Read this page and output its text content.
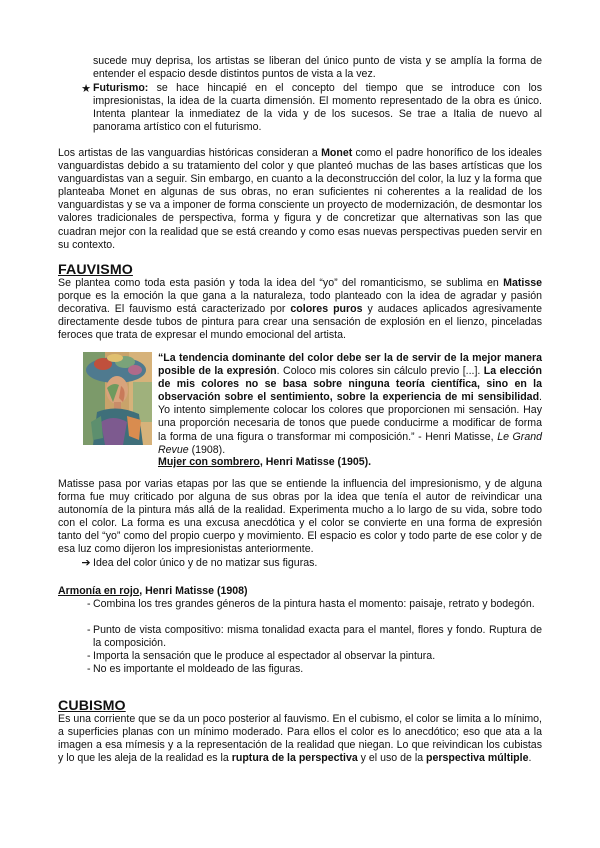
sucede muy deprisa, los artistas se liberan del único punto de vista y se amplía la forma de entender el espacio desde distintos puntos de vista a la vez.

★ Futurismo: se hace hincapié en el concepto del tiempo que se introduce con los impresionistas, la idea de la cuarta dimensión. El momento representado de la obra es único. Intenta plantear la inmediatez de la vida y de los sucesos. Se trae a Italia de nuevo al panorama artístico con el futurismo.

Los artistas de las vanguardias históricas consideran a Monet como el padre honorífico de los ideales vanguardistas debido a su tratamiento del color y que planteó muchas de las bases artísticas que los vanguardistas van a seguir. Sin embargo, en cuanto a la deconstrucción del color, la luz y la forma que planteaba Monet en algunas de sus obras, no eran suficientes ni coherentes a la realidad de los vanguardistas y se va a imponer de forma consciente un proyecto de modernización, de desmontar los valores tradicionales de perspectiva, forma y figura y de concretizar que alternativas son las que cuadran mejor con la realidad que se está creando y como esas nuevas perspectivas pueden servir en su contexto.

FAUVISMO

Se plantea como toda esta pasión y toda la idea del “yo” del romanticismo, se sublima en Matisse porque es la emoción la que gana a la naturaleza, todo planteado con la idea de agradar y pasión decorativa. El fauvismo está caracterizado por colores puros y audaces aplicados agresivamente directamente desde tubos de pintura para crear una sensación de explosión en el lienzo, pinceladas feroces que trata de expresar el mundo emocional del artista.

“La tendencia dominante del color debe ser la de servir de la mejor manera posible de la expresión. Coloco mis colores sin cálculo previo [...]. La elección de mis colores no se basa sobre ninguna teoría científica, sino en la observación sobre el sentimiento, sobre la experiencia de mi sensibilidad. Yo intento simplemente colocar los colores que proporcionen mi sensación. Hay una proporción necesaria de tonos que puede conducirme a modificar de forma la forma de una figura o transformar mi composición.” - Henri Matisse, Le Grand Revue (1908).

Mujer con sombrero, Henri Matisse (1905).

Matisse pasa por varias etapas por las que se entiende la influencia del impresionismo, y de alguna forma fue muy criticado por alguna de sus obras por la idea que tenía el autor de reivindicar una autonomía de la pintura más allá de la realidad. Experimenta mucho a lo largo de su vida, sobre todo con el color. La forma es una excusa anecdótica y el color se convierte en una forma de expresión tanto del “yo” como del propio cuerpo y movimiento. El espacio es color y todo parte de ese color y de esa luz como dijeron los impresionistas anteriormente.

➔ Idea del color único y de no matizar sus figuras.

Armonía en rojo, Henri Matisse (1908)

- Combina los tres grandes géneros de la pintura hasta el momento: paisaje, retrato y bodegón.

- Punto de vista compositivo: misma tonalidad exacta para el mantel, flores y fondo. Ruptura de la composición.

- Importa la sensación que le produce al espectador al observar la pintura.

- No es importante el moldeado de las figuras.

CUBISMO

Es una corriente que se da un poco posterior al fauvismo. En el cubismo, el color se limita a lo mínimo, a superficies planas con un mínimo moderado. Para ellos el color es lo anecdótico; eso que ata a la imagen a esa mímesis y a la representación de la realidad que niegan. Lo que reivindican los cubistas y lo que les aleja de la realidad es la ruptura de la perspectiva y el uso de la perspectiva múltiple.
